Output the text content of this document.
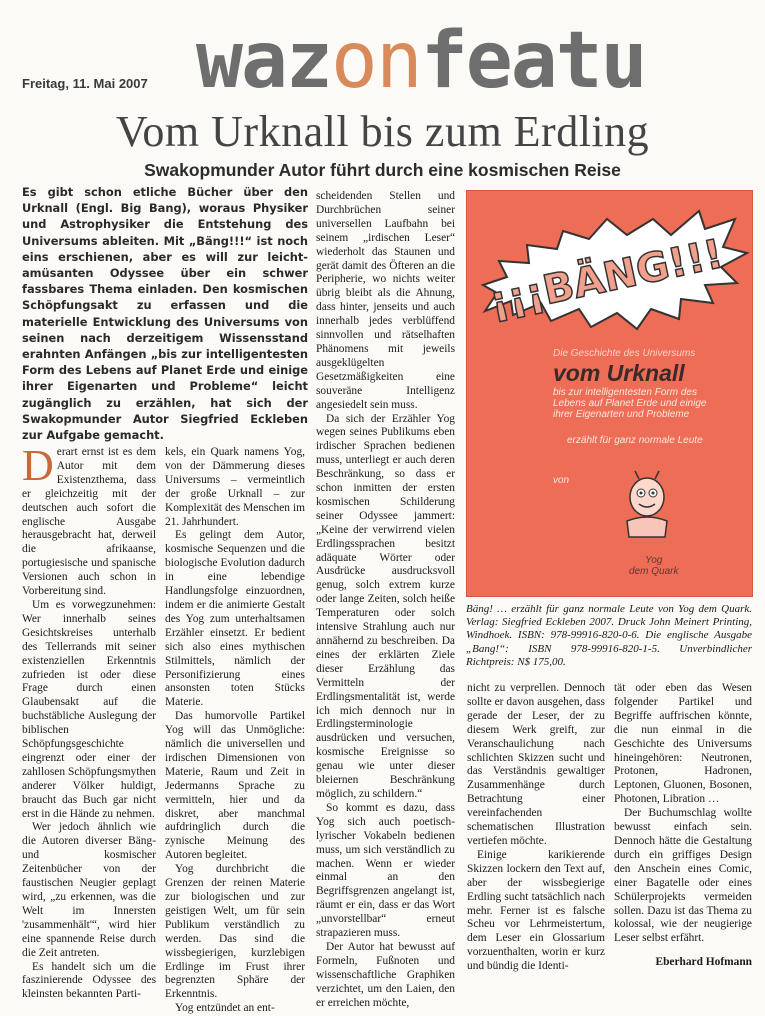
Freitag, 11. Mai 2007 wazonfeatu
Vom Urknall bis zum Erdling
Swakopmunder Autor führt durch eine kosmischen Reise

Es gibt schon etliche Bücher über den Urknall (Engl. Big Bang), woraus Physiker und Astrophysiker die Entstehung des Universums ableiten. Mit „Bäng!!!“ ist noch eins erschienen, aber es will zur leicht-amüsanten Odyssee über ein schwer fassbares Thema einladen. Den kosmischen Schöpfungsakt zu erfassen und die materielle Entwicklung des Universums von seinen nach derzeitigem Wissensstand erahnten Anfängen „bis zur intelligentesten Form des Lebens auf Planet Erde und einige ihrer Eigenarten und Probleme“ leicht zugänglich zu erzählen, hat sich der Swakopmunder Autor Siegfried Eckleben zur Aufgabe gemacht.

Derart ernst ist es dem Autor mit dem Existenzthema, dass er gleichzeitig mit der deutschen auch sofort die englische Ausgabe herausgebracht hat, derweil die afrikaanse, portugiesische und spanische Versionen auch schon in Vorbereitung sind.

Um es vorwegzunehmen: Wer innerhalb seines Gesichtskreises unterhalb des Tellerrands mit seiner existenziellen Erkenntnis zufrieden ist oder diese Frage durch einen Glaubensakt auf die buchstäbliche Auslegung der biblischen Schöpfungsgeschichte eingrenzt oder einer der zahllosen Schöpfungsmythen anderer Völker huldigt, braucht das Buch gar nicht erst in die Hände zu nehmen.

Wer jedoch ähnlich wie die Autoren diverser Bäng- und kosmischer Zeitenbücher von der faustischen Neugier geplagt wird, „zu erkennen, was die Welt im Innersten 'zusammenhält'“, wird hier eine spannende Reise durch die Zeit antreten.

Es handelt sich um die faszinierende Odyssee des kleinsten bekannten Parti-

kels, ein Quark namens Yog, von der Dämmerung dieses Universums – vermeintlich der große Urknall – zur Komplexität des Menschen im 21. Jahrhundert.

Es gelingt dem Autor, kosmische Sequenzen und die biologische Evolution dadurch in eine lebendige Handlungsfolge einzuordnen, indem er die animierte Gestalt des Yog zum unterhaltsamen Erzähler einsetzt. Er bedient sich also eines mythischen Stilmittels, nämlich der Personifizierung eines ansonsten toten Stücks Materie.

Das humorvolle Partikel Yog will das Unmögliche: nämlich die universellen und irdischen Dimensionen von Materie, Raum und Zeit in Jedermanns Sprache zu vermitteln, hier und da diskret, aber manchmal aufdringlich durch die zynische Meinung des Autoren begleitet.

Yog durchbricht die Grenzen der reinen Materie zur biologischen und zur geistigen Welt, um für sein Publikum verständlich zu werden. Das sind die wissbegierigen, kurzlebigen Erdlinge im Frust ihrer begrenzten Sphäre der Erkenntnis.

Yog entzündet an ent-

scheidenden Stellen und Durchbrüchen seiner universellen Laufbahn bei seinem „irdischen Leser“ wiederholt das Staunen und gerät damit des Öfteren an die Peripherie, wo nichts weiter übrig bleibt als die Ahnung, dass hinter, jenseits und auch innerhalb jedes verblüffend sinnvollen und rätselhaften Phänomens mit jeweils ausgeklügelten Gesetzmäßigkeiten eine souveräne Intelligenz angesiedelt sein muss.

Da sich der Erzähler Yog wegen seines Publikums eben irdischer Sprachen bedienen muss, unterliegt er auch deren Beschränkung, so dass er schon inmitten der ersten kosmischen Schilderung seiner Odyssee jammert: „Keine der verwirrend vielen Erdlingssprachen besitzt adäquate Wörter oder Ausdrücke ausdrucksvoll genug, solch extrem kurze oder lange Zeiten, solch heiße Temperaturen oder solch intensive Strahlung auch nur annähernd zu beschreiben. Da eines der erklärten Ziele dieser Erzählung das Vermitteln der Erdlingsmentalität ist, werde ich mich dennoch nur in Erdlingsterminologie ausdrücken und versuchen, kosmische Ereignisse so genau wie unter dieser bleiernen Beschränkung möglich, zu schildern.“

So kommt es dazu, dass Yog sich auch poetisch-lyrischer Vokabeln bedienen muss, um sich verständlich zu machen. Wenn er wieder einmal an den Begriffsgrenzen angelangt ist, räumt er ein, dass er das Wort „unvorstellbar“ erneut strapazieren muss.

Der Autor hat bewusst auf Formeln, Fußnoten und wissenschaftliche Graphiken verzichtet, um den Laien, den er erreichen möchte,

¡¡¡BÄNG!!!
Die Geschichte des Universums
vom Urknall
bis zur intelligentesten Form des Lebens auf Planet Erde und einige ihrer Eigenarten und Probleme
erzählt für ganz normale Leute
von
Yog
dem Quark

Bäng! … erzählt für ganz normale Leute von Yog dem Quark. Verlag: Siegfried Eckleben 2007. Druck John Meinert Printing, Windhoek. ISBN: 978-99916-820-0-6. Die englische Ausgabe „Bang!“: ISBN 978-99916-820-1-5. Unverbindlicher Richtpreis: N$ 175,00.

nicht zu verprellen. Dennoch sollte er davon ausgehen, dass gerade der Leser, der zu diesem Werk greift, zur Veranschaulichung nach schlichten Skizzen sucht und das Verständnis gewaltiger Zusammenhänge durch Betrachtung einer vereinfachenden schematischen Illustration vertiefen möchte.

Einige karikierende Skizzen lockern den Text auf, aber der wissbegierige Erdling sucht tatsächlich nach mehr. Ferner ist es falsche Scheu vor Lehrmeistertum, dem Leser ein Glossarium vorzuenthalten, worin er kurz und bündig die Identi-

tät oder eben das Wesen folgender Partikel und Begriffe auffrischen könnte, die nun einmal in die Geschichte des Universums hineingehören: Neutronen, Protonen, Hadronen, Leptonen, Gluonen, Bosonen, Photonen, Libration …

Der Buchumschlag wollte bewusst einfach sein. Dennoch hätte die Gestaltung durch ein griffiges Design den Anschein eines Comic, einer Bagatelle oder eines Schülerprojekts vermeiden sollen. Dazu ist das Thema zu kolossal, wie der neugierige Leser selbst erfährt.

Eberhard Hofmann
